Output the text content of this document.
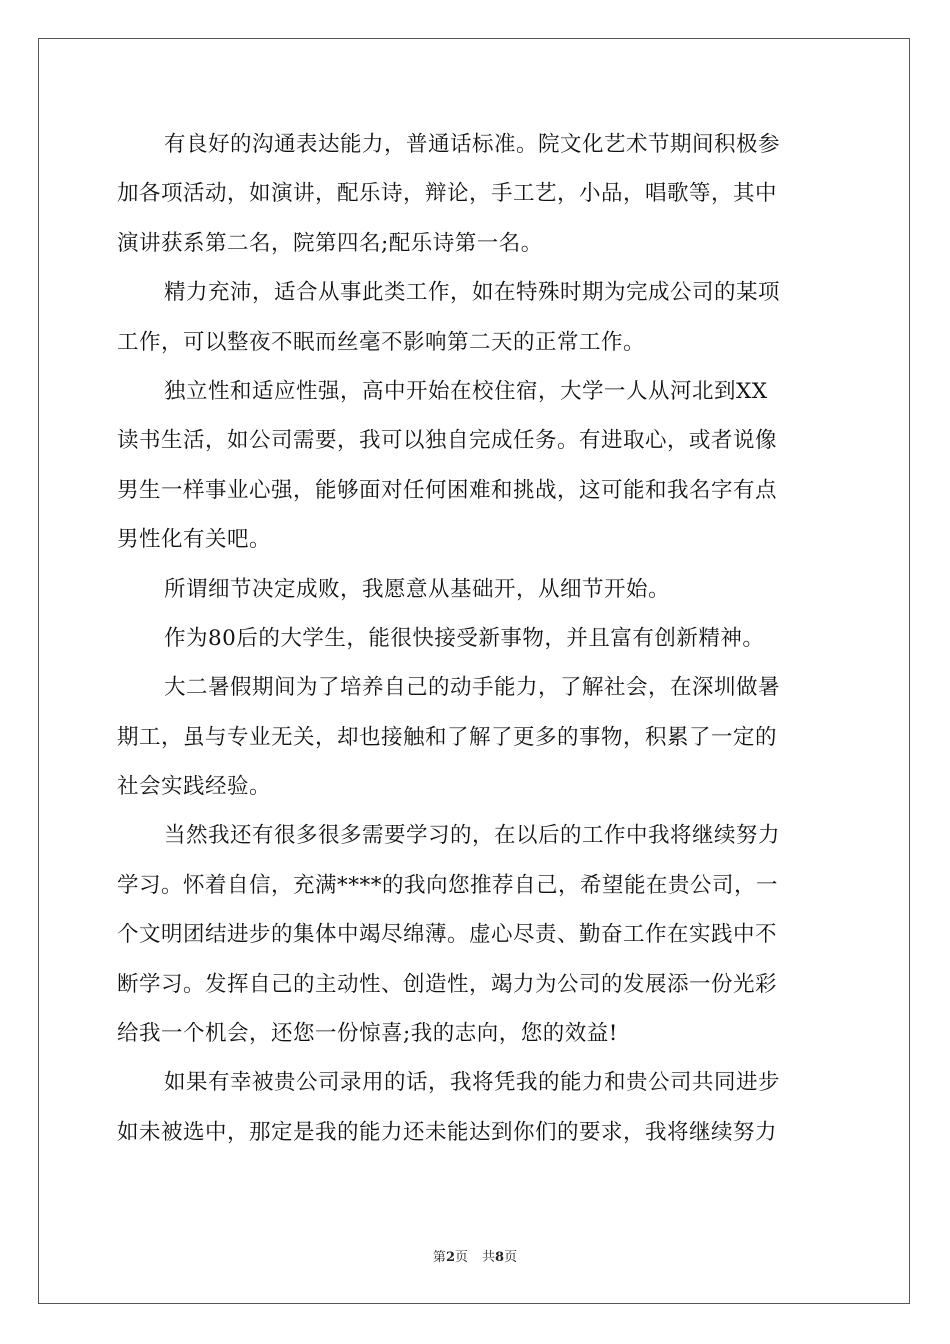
有良好的沟通表达能力，普通话标准。院文化艺术节期间积极参
加各项活动，如演讲，配乐诗，辩论，手工艺，小品，唱歌等，其中
演讲获系第二名，院第四名;配乐诗第一名。
精力充沛，适合从事此类工作，如在特殊时期为完成公司的某项
工作，可以整夜不眠而丝毫不影响第二天的正常工作。
独立性和适应性强，高中开始在校住宿，大学一人从河北到XX
读书生活，如公司需要，我可以独自完成任务。有进取心，或者说像
男生一样事业心强，能够面对任何困难和挑战，这可能和我名字有点
男性化有关吧。
所谓细节决定成败，我愿意从基础开，从细节开始。
作为80后的大学生，能很快接受新事物，并且富有创新精神。
大二暑假期间为了培养自己的动手能力，了解社会，在深圳做暑
期工，虽与专业无关，却也接触和了解了更多的事物，积累了一定的
社会实践经验。
当然我还有很多很多需要学习的，在以后的工作中我将继续努力
学习。怀着自信，充满****的我向您推荐自己，希望能在贵公司，一
个文明团结进步的集体中竭尽绵薄。虚心尽责、勤奋工作在实践中不
断学习。发挥自己的主动性、创造性，竭力为公司的发展添一份光彩
给我一个机会，还您一份惊喜;我的志向，您的效益!
如果有幸被贵公司录用的话，我将凭我的能力和贵公司共同进步
如未被选中，那定是我的能力还未能达到你们的要求，我将继续努力
第2页 共8页
